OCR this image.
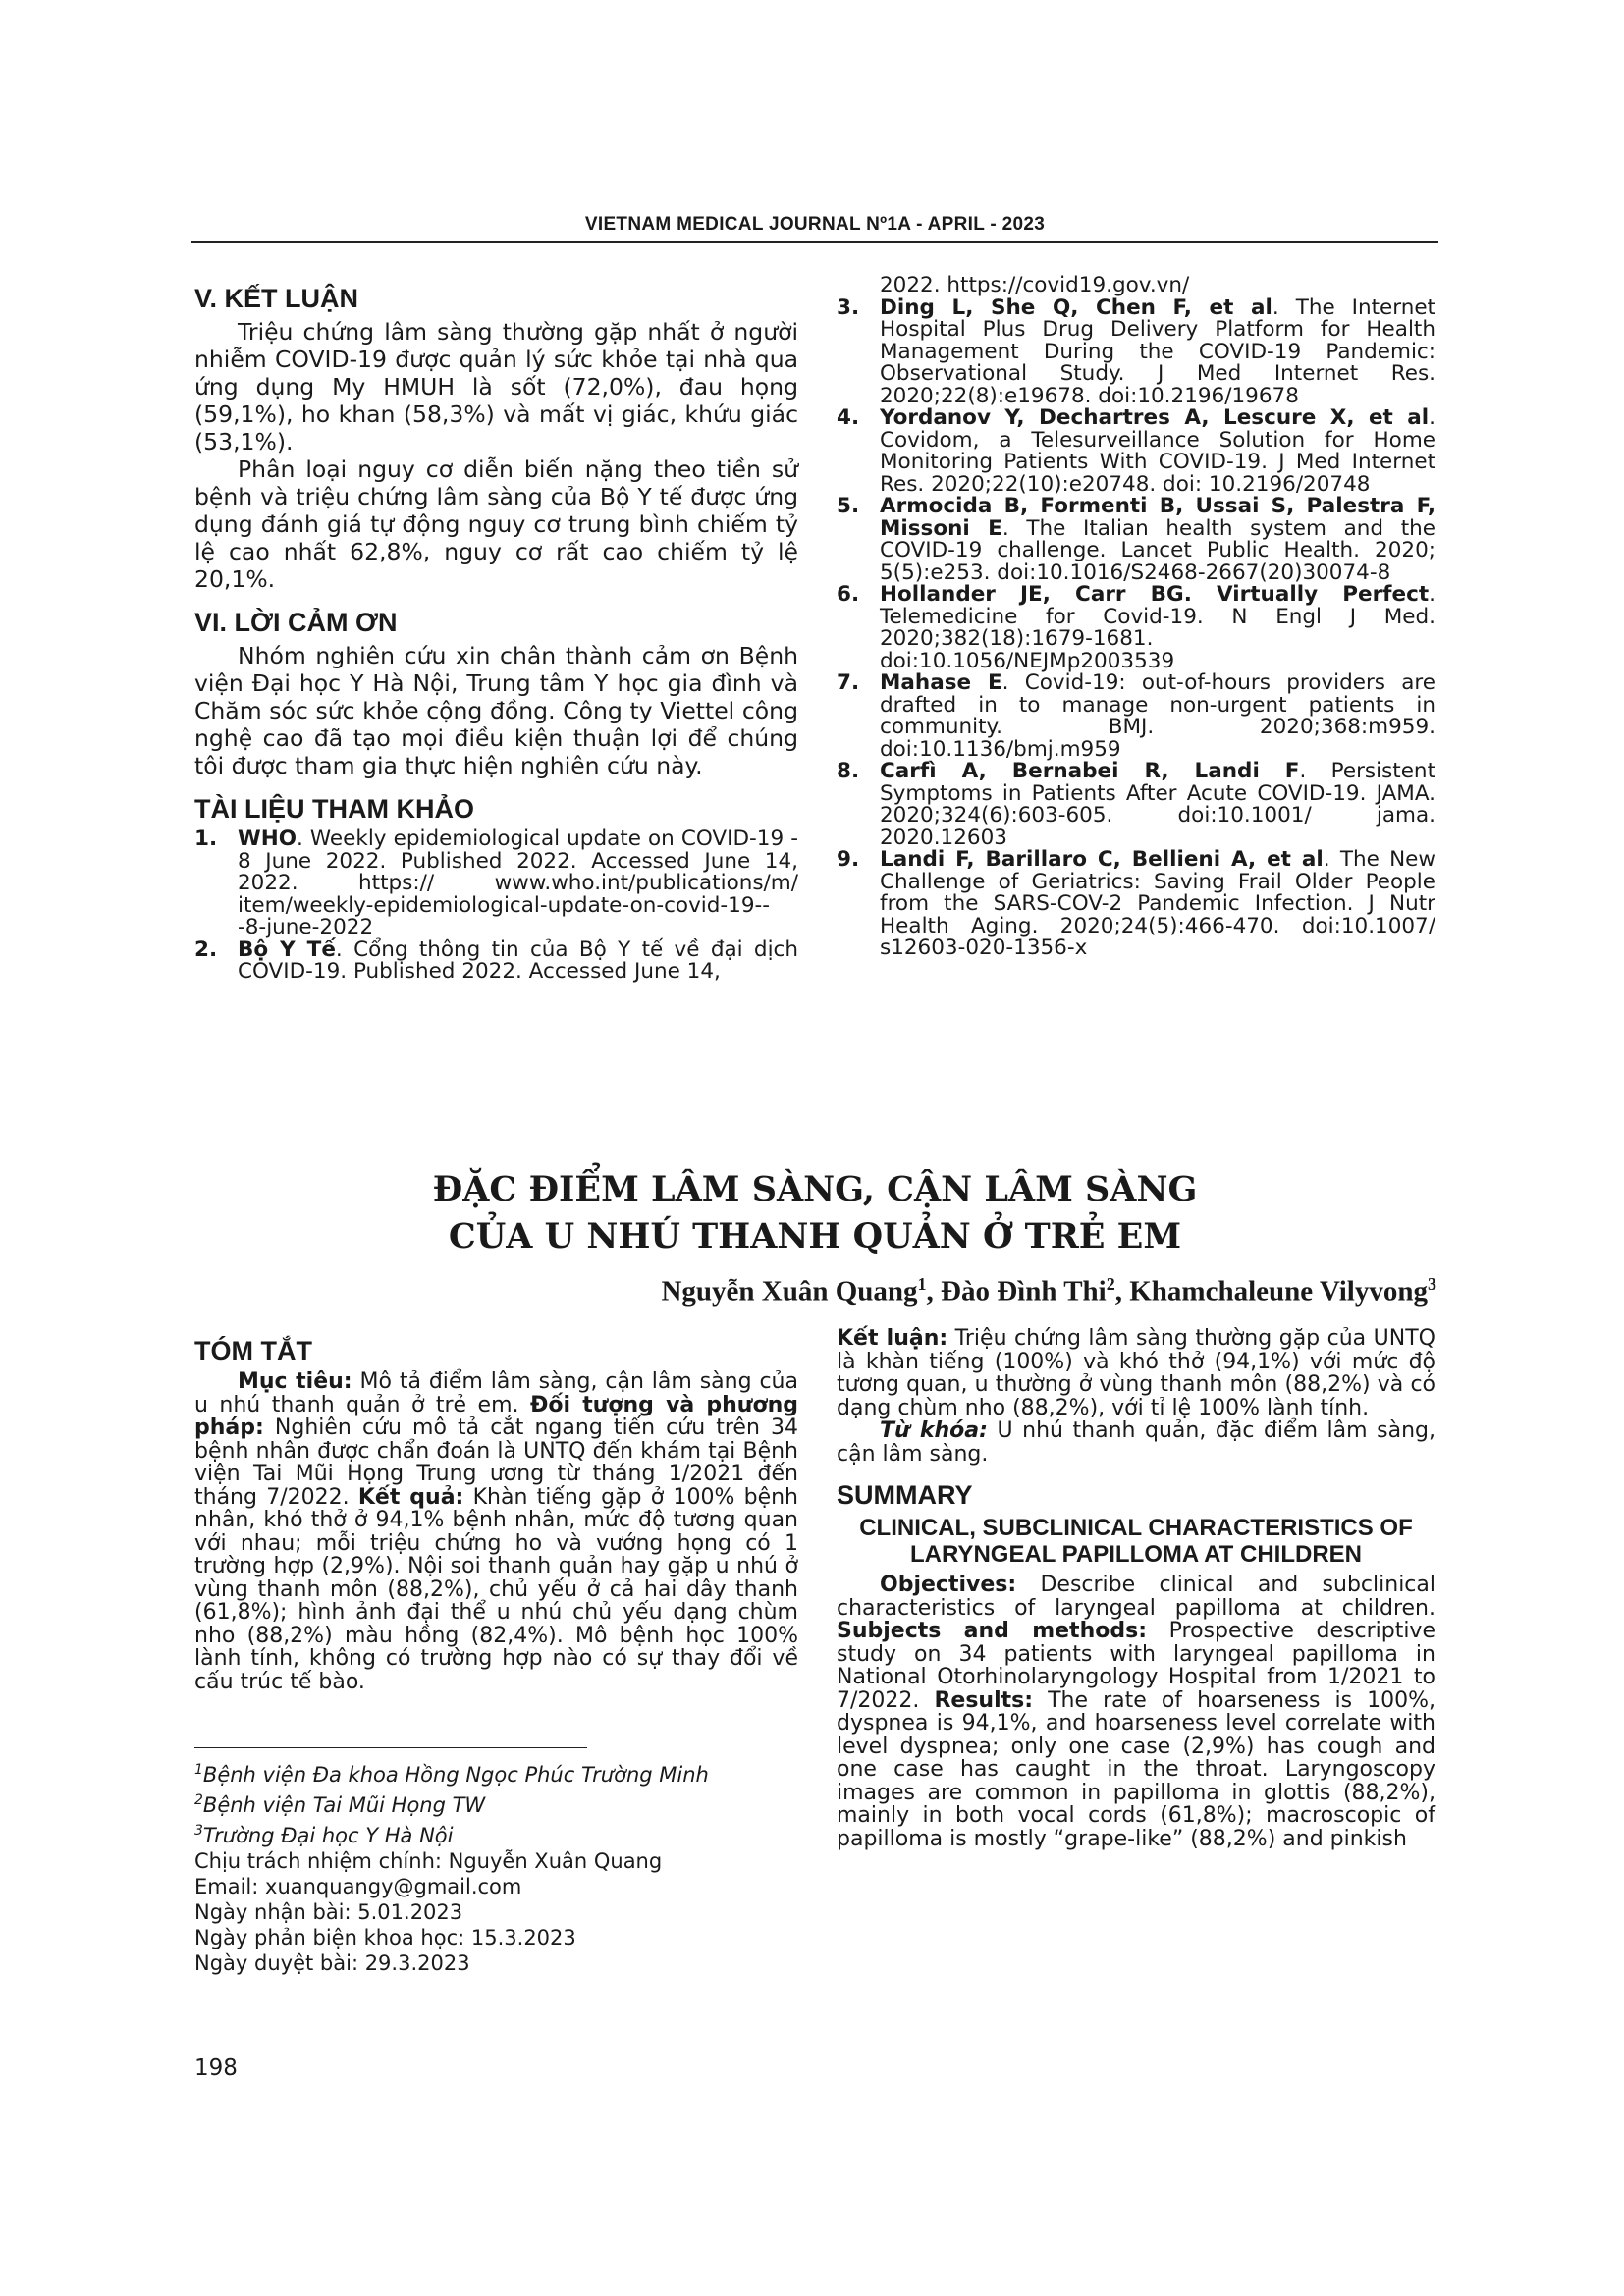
VIETNAM MEDICAL JOURNAL Nº1A - APRIL - 2023
V. KẾT LUẬN

Triệu chứng lâm sàng thường gặp nhất ở người nhiễm COVID-19 được quản lý sức khỏe tại nhà qua ứng dụng My HMUH là sốt (72,0%), đau họng (59,1%), ho khan (58,3%) và mất vị giác, khứu giác (53,1%).

Phân loại nguy cơ diễn biến nặng theo tiền sử bệnh và triệu chứng lâm sàng của Bộ Y tế được ứng dụng đánh giá tự động nguy cơ trung bình chiếm tỷ lệ cao nhất 62,8%, nguy cơ rất cao chiếm tỷ lệ 20,1%.

VI. LỜI CẢM ƠN

Nhóm nghiên cứu xin chân thành cảm ơn Bệnh viện Đại học Y Hà Nội, Trung tâm Y học gia đình và Chăm sóc sức khỏe cộng đồng. Công ty Viettel công nghệ cao đã tạo mọi điều kiện thuận lợi để chúng tôi được tham gia thực hiện nghiên cứu này.

TÀI LIỆU THAM KHẢO
1. WHO. Weekly epidemiological update on COVID-19 - 8 June 2022. Published 2022. Accessed June 14, 2022. https:// www.who.int/publications/m/ item/weekly-epidemiological-update-on-covid-19---8-june-2022
2. Bộ Y Tế. Cổng thông tin của Bộ Y tế về đại dịch COVID-19. Published 2022. Accessed June 14,

2022. https://covid19.gov.vn/

3. Ding L, She Q, Chen F, et al. The Internet Hospital Plus Drug Delivery Platform for Health Management During the COVID-19 Pandemic: Observational Study. J Med Internet Res. 2020;22(8):e19678. doi:10.2196/19678
4. Yordanov Y, Dechartres A, Lescure X, et al. Covidom, a Telesurveillance Solution for Home Monitoring Patients With COVID-19. J Med Internet Res. 2020;22(10):e20748. doi: 10.2196/20748
5. Armocida B, Formenti B, Ussai S, Palestra F, Missoni E. The Italian health system and the COVID-19 challenge. Lancet Public Health. 2020; 5(5):e253. doi:10.1016/S2468-2667(20)30074-8
6. Hollander JE, Carr BG. Virtually Perfect. Telemedicine for Covid-19. N Engl J Med. 2020;382(18):1679-1681. doi:10.1056/NEJMp2003539
7. Mahase E. Covid-19: out-of-hours providers are drafted in to manage non-urgent patients in community. BMJ. 2020;368:m959. doi:10.1136/bmj.m959
8. Carfì A, Bernabei R, Landi F. Persistent Symptoms in Patients After Acute COVID-19. JAMA. 2020;324(6):603-605. doi:10.1001/ jama. 2020.12603
9. Landi F, Barillaro C, Bellieni A, et al. The New Challenge of Geriatrics: Saving Frail Older People from the SARS-COV-2 Pandemic Infection. J Nutr Health Aging. 2020;24(5):466-470. doi:10.1007/ s12603-020-1356-x
ĐẶC ĐIỂM LÂM SÀNG, CẬN LÂM SÀNG
CỦA U NHÚ THANH QUẢN Ở TRẺ EM
Nguyễn Xuân Quang$^1$, Đào Đình Thi$^2$, Khamchaleune Vilyvong$^3$
TÓM TẮT

Mục tiêu: Mô tả điểm lâm sàng, cận lâm sàng của u nhú thanh quản ở trẻ em. Đối tượng và phương pháp: Nghiên cứu mô tả cắt ngang tiến cứu trên 34 bệnh nhân được chẩn đoán là UNTQ đến khám tại Bệnh viện Tai Mũi Họng Trung ương từ tháng 1/2021 đến tháng 7/2022. Kết quả: Khàn tiếng gặp ở 100% bệnh nhân, khó thở ở 94,1% bệnh nhân, mức độ tương quan với nhau; mỗi triệu chứng ho và vướng họng có 1 trường hợp (2,9%). Nội soi thanh quản hay gặp u nhú ở vùng thanh môn (88,2%), chủ yếu ở cả hai dây thanh (61,8%); hình ảnh đại thể u nhú chủ yếu dạng chùm nho (88,2%) màu hồng (82,4%). Mô bệnh học 100% lành tính, không có trường hợp nào có sự thay đổi về cấu trúc tế bào.

Kết luận: Triệu chứng lâm sàng thường gặp của UNTQ là khàn tiếng (100%) và khó thở (94,1%) với mức độ tương quan, u thường ở vùng thanh môn (88,2%) và có dạng chùm nho (88,2%), với tỉ lệ 100% lành tính.

Từ khóa: U nhú thanh quản, đặc điểm lâm sàng, cận lâm sàng.

SUMMARY
CLINICAL, SUBCLINICAL CHARACTERISTICS OF LARYNGEAL PAPILLOMA AT CHILDREN

Objectives: Describe clinical and subclinical characteristics of laryngeal papilloma at children. Subjects and methods: Prospective descriptive study on 34 patients with laryngeal papilloma in National Otorhinolaryngology Hospital from 1/2021 to 7/2022. Results: The rate of hoarseness is 100%, dyspnea is 94,1%, and hoarseness level correlate with level dyspnea; only one case (2,9%) has cough and one case has caught in the throat. Laryngoscopy images are common in papilloma in glottis (88,2%), mainly in both vocal cords (61,8%); macroscopic of papilloma is mostly “grape-like” (88,2%) and pinkish

$^1$Bệnh viện Đa khoa Hồng Ngọc Phúc Trường Minh
$^2$Bệnh viện Tai Mũi Họng TW
$^3$Trường Đại học Y Hà Nội
Chịu trách nhiệm chính: Nguyễn Xuân Quang
Email: xuanquangy@gmail.com
Ngày nhận bài: 5.01.2023
Ngày phản biện khoa học: 15.3.2023
Ngày duyệt bài: 29.3.2023
198
